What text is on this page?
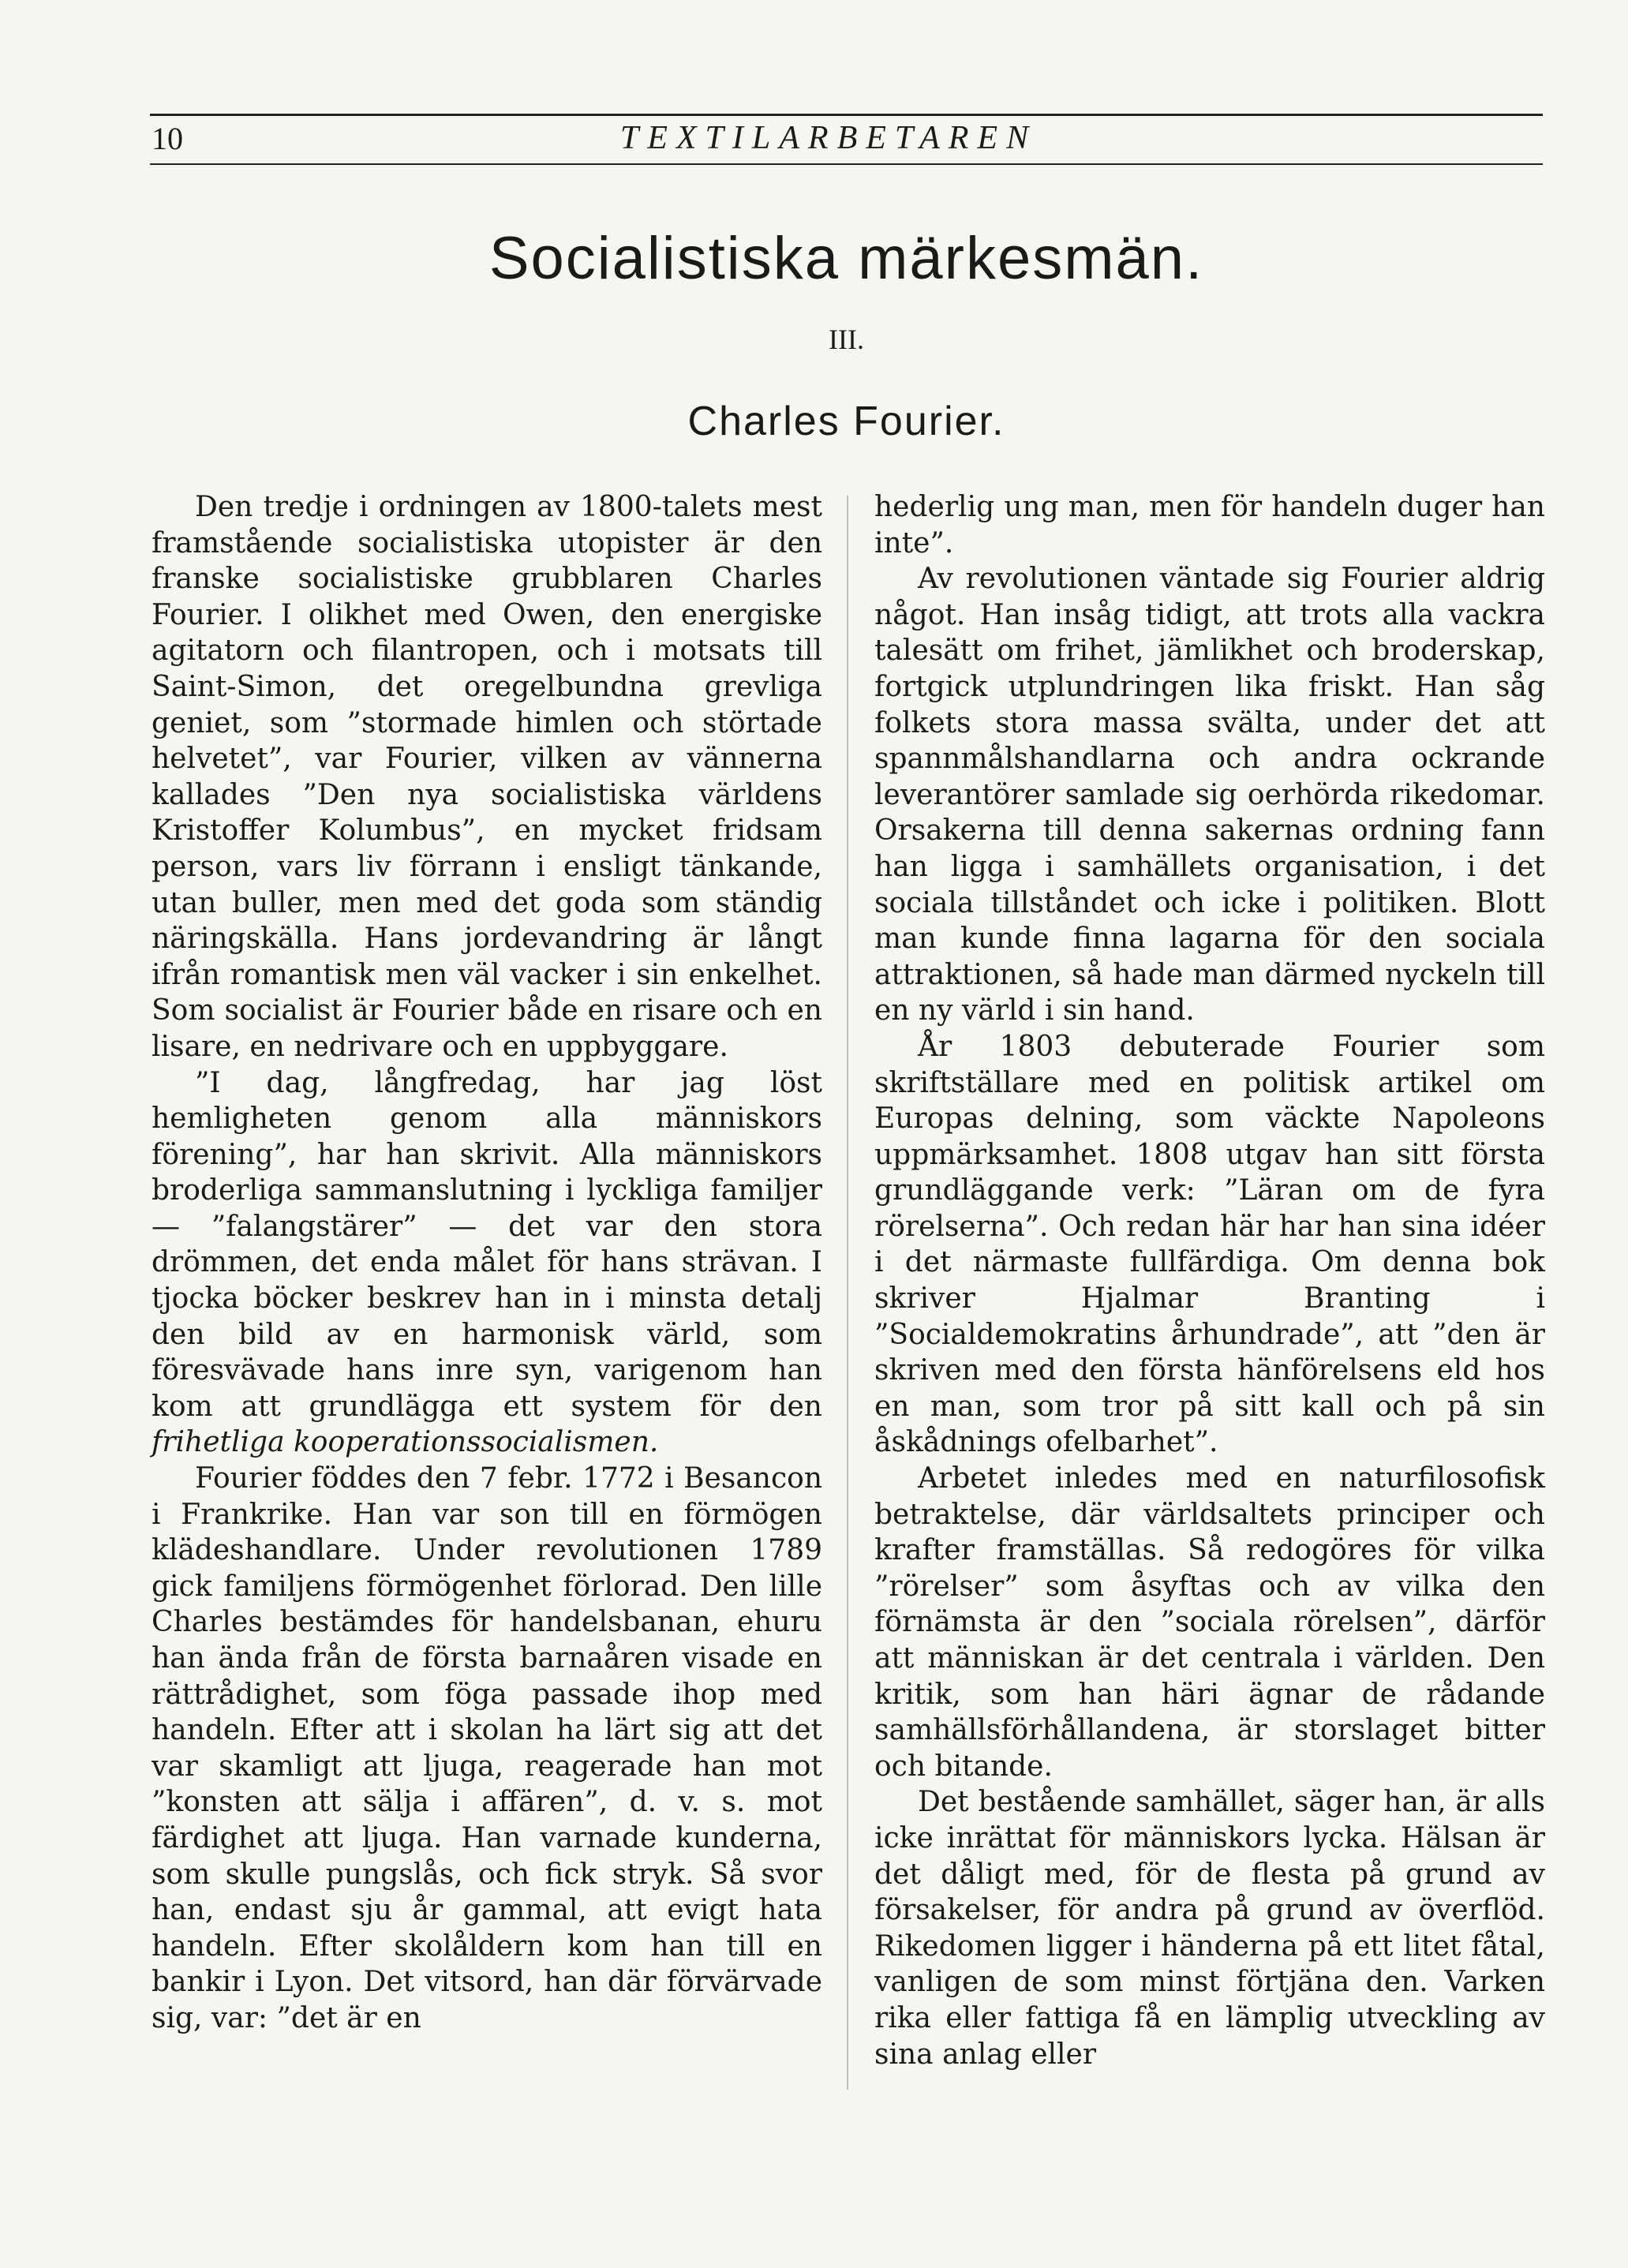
10	TEXTILARBETAREN
Socialistiska märkesmän.
III.
Charles Fourier.

Den tredje i ordningen av 1800-talets mest framstående socialistiska utopister är den franske socialistiske grubblaren Charles Fourier. I olikhet med Owen, den energiske agitatorn och filantropen, och i motsats till Saint-Simon, det oregelbundna grevliga geniet, som ”stormade himlen och störtade helvetet”, var Fourier, vilken av vännerna kallades ”Den nya socialistiska världens Kristoffer Kolumbus”, en mycket fridsam person, vars liv förrann i ensligt tänkande, utan buller, men med det goda som ständig näringskälla. Hans jordevandring är långt ifrån romantisk men väl vacker i sin enkelhet. Som socialist är Fourier både en risare och en lisare, en nedrivare och en uppbyggare.

”I dag, långfredag, har jag löst hemligheten genom alla människors förening”, har han skrivit. Alla människors broderliga sammanslutning i lyckliga familjer — ”falangstärer” — det var den stora drömmen, det enda målet för hans strävan. I tjocka böcker beskrev han in i minsta detalj den bild av en harmonisk värld, som föresvävade hans inre syn, varigenom han kom att grundlägga ett system för den frihetliga kooperationssocialismen.

Fourier föddes den 7 febr. 1772 i Besancon i Frankrike. Han var son till en förmögen klädeshandlare. Under revolutionen 1789 gick familjens förmögenhet förlorad. Den lille Charles bestämdes för handelsbanan, ehuru han ända från de första barnaåren visade en rättrådighet, som föga passade ihop med handeln. Efter att i skolan ha lärt sig att det var skamligt att ljuga, reagerade han mot ”konsten att sälja i affären”, d. v. s. mot färdighet att ljuga. Han varnade kunderna, som skulle pungslås, och fick stryk. Så svor han, endast sju år gammal, att evigt hata handeln. Efter skolåldern kom han till en bankir i Lyon. Det vitsord, han där förvärvade sig, var: ”det är en

hederlig ung man, men för handeln duger han inte”.

Av revolutionen väntade sig Fourier aldrig något. Han insåg tidigt, att trots alla vackra talesätt om frihet, jämlikhet och broderskap, fortgick utplundringen lika friskt. Han såg folkets stora massa svälta, under det att spannmålshandlarna och andra ockrande leverantörer samlade sig oerhörda rikedomar. Orsakerna till denna sakernas ordning fann han ligga i samhällets organisation, i det sociala tillståndet och icke i politiken. Blott man kunde finna lagarna för den sociala attraktionen, så hade man därmed nyckeln till en ny värld i sin hand.

År 1803 debuterade Fourier som skriftställare med en politisk artikel om Europas delning, som väckte Napoleons uppmärksamhet. 1808 utgav han sitt första grundläggande verk: ”Läran om de fyra rörelserna”. Och redan här har han sina idéer i det närmaste fullfärdiga. Om denna bok skriver Hjalmar Branting i ”Socialdemokratins århundrade”, att ”den är skriven med den första hänförelsens eld hos en man, som tror på sitt kall och på sin åskådnings ofelbarhet”.

Arbetet inledes med en naturfilosofisk betraktelse, där världsaltets principer och krafter framställas. Så redogöres för vilka ”rörelser” som åsyftas och av vilka den förnämsta är den ”sociala rörelsen”, därför att människan är det centrala i världen. Den kritik, som han häri ägnar de rådande samhällsförhållandena, är storslaget bitter och bitande.

Det bestående samhället, säger han, är alls icke inrättat för människors lycka. Hälsan är det dåligt med, för de flesta på grund av försakelser, för andra på grund av överflöd. Rikedomen ligger i händerna på ett litet fåtal, vanligen de som minst förtjäna den. Varken rika eller fattiga få en lämplig utveckling av sina anlag eller
